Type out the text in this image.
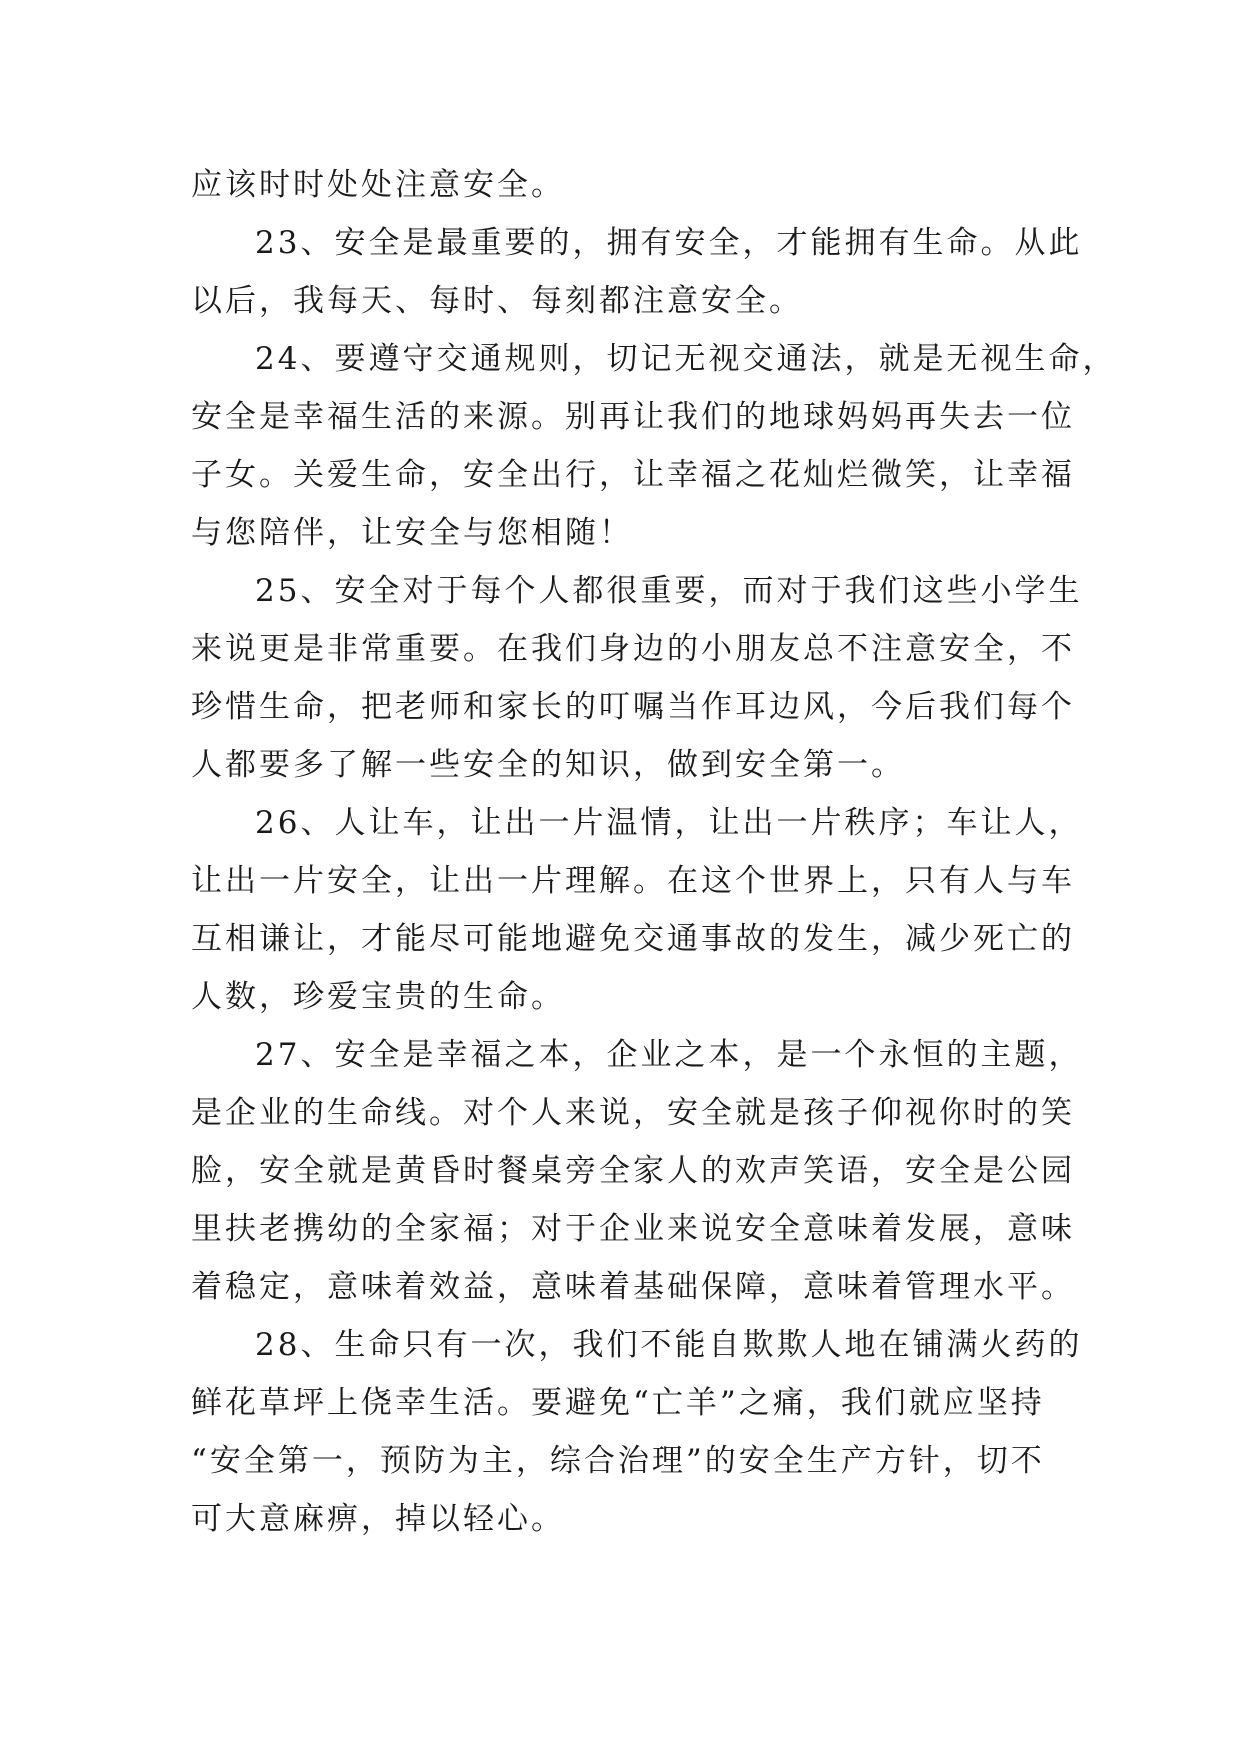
应该时时处处注意安全。
23、安全是最重要的，拥有安全，才能拥有生命。从此
以后，我每天、每时、每刻都注意安全。
24、要遵守交通规则，切记无视交通法，就是无视生命，
安全是幸福生活的来源。别再让我们的地球妈妈再失去一位
子女。关爱生命，安全出行，让幸福之花灿烂微笑，让幸福
与您陪伴，让安全与您相随！
25、安全对于每个人都很重要，而对于我们这些小学生
来说更是非常重要。在我们身边的小朋友总不注意安全，不
珍惜生命，把老师和家长的叮嘱当作耳边风，今后我们每个
人都要多了解一些安全的知识，做到安全第一。
26、人让车，让出一片温情，让出一片秩序；车让人，
让出一片安全，让出一片理解。在这个世界上，只有人与车
互相谦让，才能尽可能地避免交通事故的发生，减少死亡的
人数，珍爱宝贵的生命。
27、安全是幸福之本，企业之本，是一个永恒的主题，
是企业的生命线。对个人来说，安全就是孩子仰视你时的笑
脸，安全就是黄昏时餐桌旁全家人的欢声笑语，安全是公园
里扶老携幼的全家福；对于企业来说安全意味着发展，意味
着稳定，意味着效益，意味着基础保障，意味着管理水平。
28、生命只有一次，我们不能自欺欺人地在铺满火药的
鲜花草坪上侥幸生活。要避免“亡羊”之痛，我们就应坚持
“安全第一，预防为主，综合治理”的安全生产方针，切不
可大意麻痹，掉以轻心。
